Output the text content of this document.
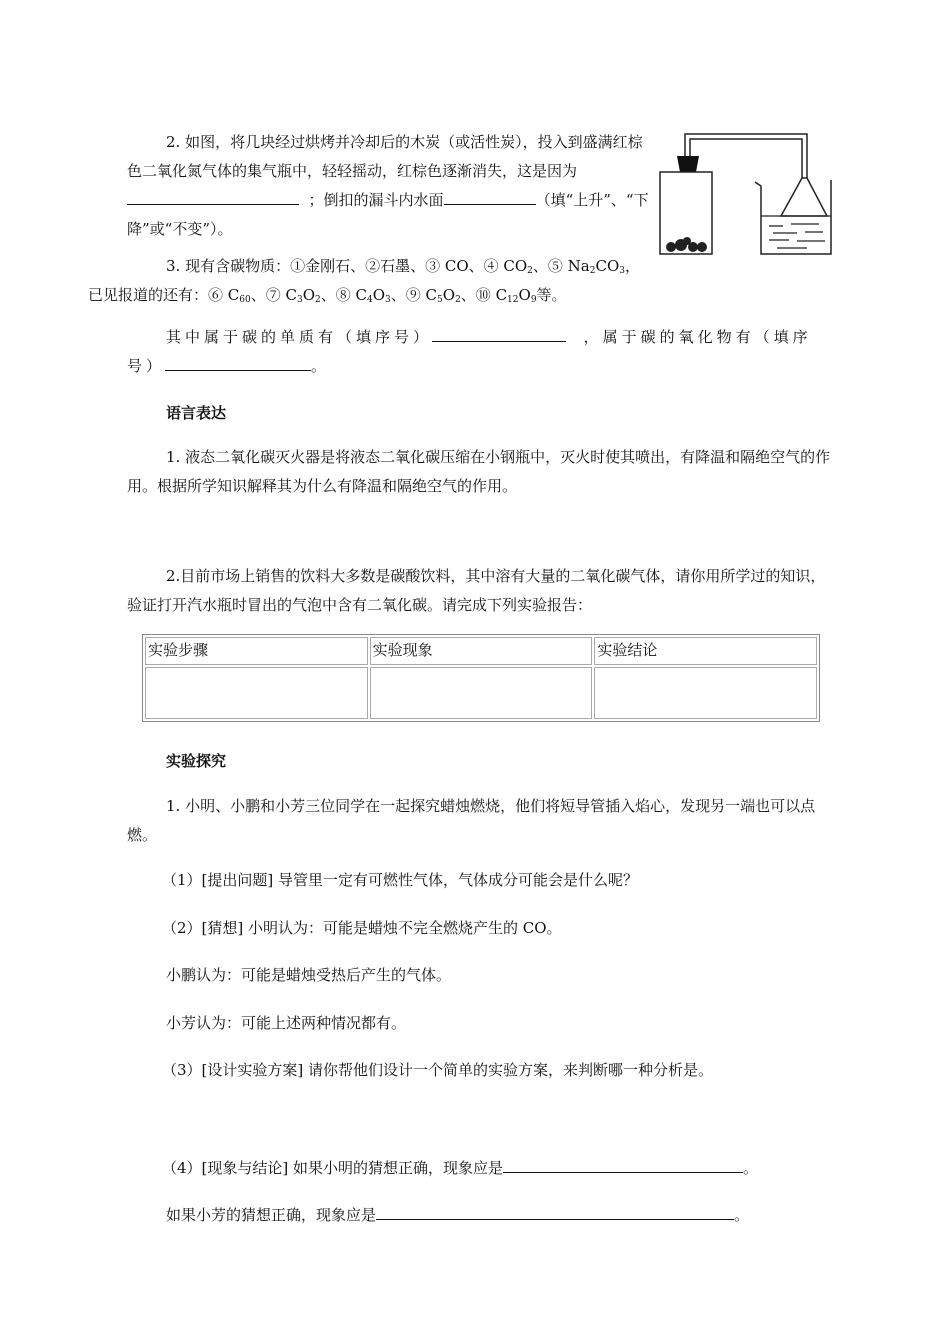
2. 如图，将几块经过烘烤并冷却后的木炭（或活性炭），投入到盛满红棕色二氧化氮气体的集气瓶中，轻轻摇动，红棕色逐渐消失，这是因为  ；倒扣的漏斗内水面	（填“上升”、“下降”或“不变”）。
3. 现有含碳物质：①金刚石、②石墨、③ CO、④ $CO_2$、⑤ $Na_2CO_3$，
已见报道的还有：⑥ $C_{60}$、⑦ $C_3O_2$、⑧ $C_4O_3$、⑨ $C_5O_2$、⑩ $C_{12}O_9$等。
其中属于碳的单质有（填序号）	，属于碳的氧化物有（填序号）	。
语言表达
1. 液态二氧化碳灭火器是将液态二氧化碳压缩在小钢瓶中，灭火时使其喷出，有降温和隔绝空气的作用。根据所学知识解释其为什么有降温和隔绝空气的作用。
2.目前市场上销售的饮料大多数是碳酸饮料，其中溶有大量的二氧化碳气体，请你用所学过的知识，验证打开汽水瓶时冒出的气泡中含有二氧化碳。请完成下列实验报告：
实验步骤	实验现象	实验结论

实验探究
1. 小明、小鹏和小芳三位同学在一起探究蜡烛燃烧，他们将短导管插入焰心，发现另一端也可以点燃。
（1）[提出问题] 导管里一定有可燃性气体，气体成分可能会是什么呢？
（2）[猜想] 小明认为：可能是蜡烛不完全燃烧产生的 CO。
小鹏认为：可能是蜡烛受热后产生的气体。
小芳认为：可能上述两种情况都有。
（3）[设计实验方案] 请你帮他们设计一个简单的实验方案，来判断哪一种分析是。
（4）[现象与结论] 如果小明的猜想正确，现象应是	。
如果小芳的猜想正确，现象应是	。
